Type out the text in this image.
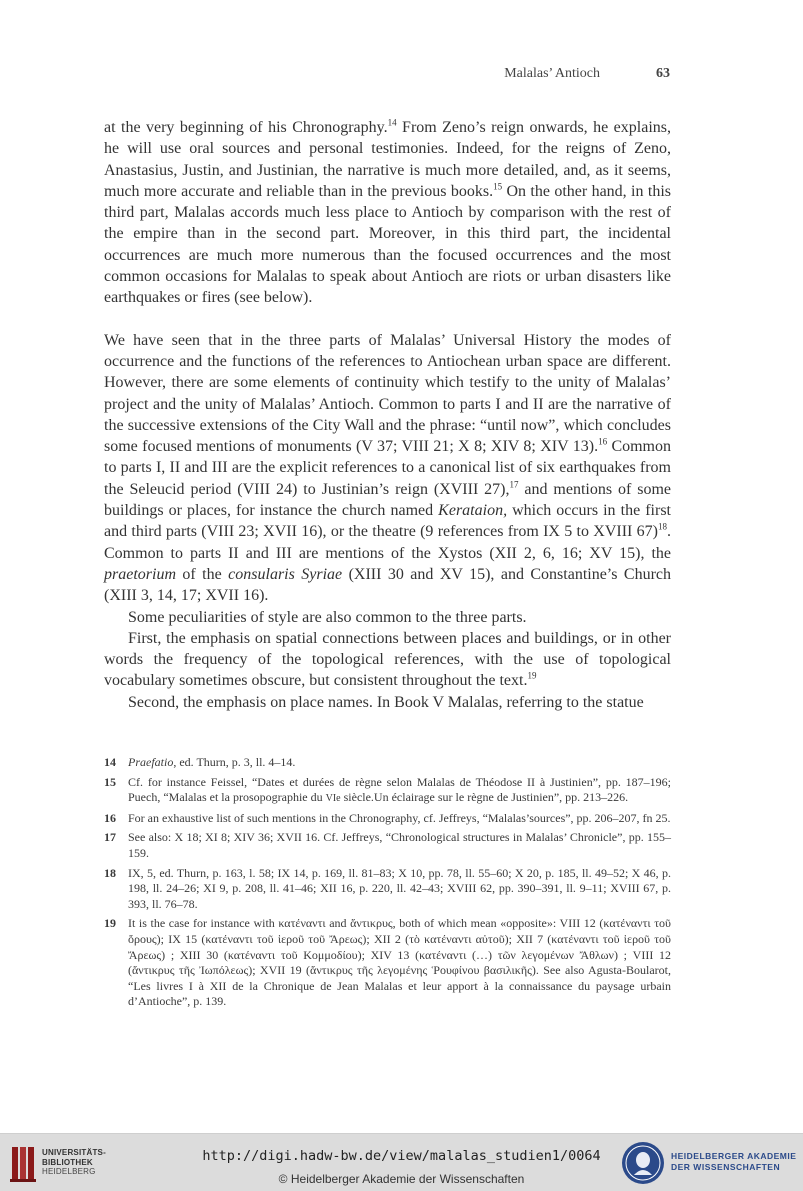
Malalas’ Antioch	63

at the very beginning of his Chronography.$^{14}$ From Zeno’s reign onwards, he explains, he will use oral sources and personal testimonies. Indeed, for the reigns of Zeno, Anastasius, Justin, and Justinian, the narrative is much more detailed, and, as it seems, much more accurate and reliable than in the previous books.$^{15}$ On the other hand, in this third part, Malalas accords much less place to Antioch by comparison with the rest of the empire than in the second part. Moreover, in this third part, the incidental occurrences are much more numerous than the focused occurrences and the most common occasions for Malalas to speak about Antioch are riots or urban disasters like earthquakes or fires (see below).

We have seen that in the three parts of Malalas’ Universal History the modes of occurrence and the functions of the references to Antiochean urban space are different. However, there are some elements of continuity which testify to the unity of Malalas’ project and the unity of Malalas’ Antioch. Common to parts I and II are the narrative of the successive extensions of the City Wall and the phrase: “until now”, which concludes some focused mentions of monuments (V 37; VIII 21; X 8; XIV 8; XIV 13).$^{16}$ Common to parts I, II and III are the explicit references to a canonical list of six earthquakes from the Seleucid period (VIII 24) to Justinian’s reign (XVIII 27),$^{17}$ and mentions of some buildings or places, for instance the church named Kerataion, which occurs in the first and third parts (VIII 23; XVII 16), or the theatre (9 references from IX 5 to XVIII 67)$^{18}$. Common to parts II and III are mentions of the Xystos (XII 2, 6, 16; XV 15), the praetorium of the consularis Syriae (XIII 30 and XV 15), and Constantine’s Church (XIII 3, 14, 17; XVII 16).

Some peculiarities of style are also common to the three parts.

First, the emphasis on spatial connections between places and buildings, or in other words the frequency of the topological references, with the use of topological vocabulary sometimes obscure, but consistent throughout the text.$^{19}$

Second, the emphasis on place names. In Book V Malalas, referring to the statue

14	Praefatio, ed. Thurn, p. 3, ll. 4–14.
15	Cf. for instance Feissel, “Dates et durées de règne selon Malalas de Théodose II à Justinien”, pp. 187–196; Puech, “Malalas et la prosopographie du VIe siècle.Un éclairage sur le règne de Justinien”, pp. 213–226.
16	For an exhaustive list of such mentions in the Chronography, cf. Jeffreys, “Malalas’sources”, pp. 206–207, fn 25.
17	See also: X 18; XI 8; XIV 36; XVII 16. Cf. Jeffreys, “Chronological structures in Malalas’ Chronicle”, pp. 155–159.
18	IX, 5, ed. Thurn, p. 163, l. 58; IX 14, p. 169, ll. 81–83; X 10, pp. 78, ll. 55–60; X 20, p. 185, ll. 49–52; X 46, p. 198, ll. 24–26; XI 9, p. 208, ll. 41–46; XII 16, p. 220, ll. 42–43; XVIII 62, pp. 390–391, ll. 9–11; XVIII 67, p. 393, ll. 76–78.
19	It is the case for instance with κατέναντι and ἄντικρυς, both of which mean «opposite»: VIII 12 (κατέναντι τοῦ ὄρους); IX 15 (κατέναντι τοῦ ἱεροῦ τοῦ Ἄρεως); XII 2 (τὸ κατέναντι αὐτοῦ); XII 7 (κατέναντι τοῦ ἱεροῦ τοῦ Ἄρεως) ; XIII 30 (κατέναντι τοῦ Κομμοδίου); XIV 13 (κατέναντι (…) τῶν λεγομένων Ἄθλων) ; VIII 12 (ἄντικρυς τῆς Ἰωπόλεως); XVII 19 (ἄντικρυς τῆς λεγομένης Ῥουφίνου βασιλικῆς). See also Agusta-Boularot, “Les livres I à XII de la Chronique de Jean Malalas et leur apport à la connaissance du paysage urbain d’Antioche”, p. 139.
UNIVERSITÄTS-
BIBLIOTHEK
HEIDELBERG
http://digi.hadw-bw.de/view/malalas_studien1/0064
© Heidelberger Akademie der Wissenschaften
HEIDELBERGER AKADEMIE
DER WISSENSCHAFTEN
